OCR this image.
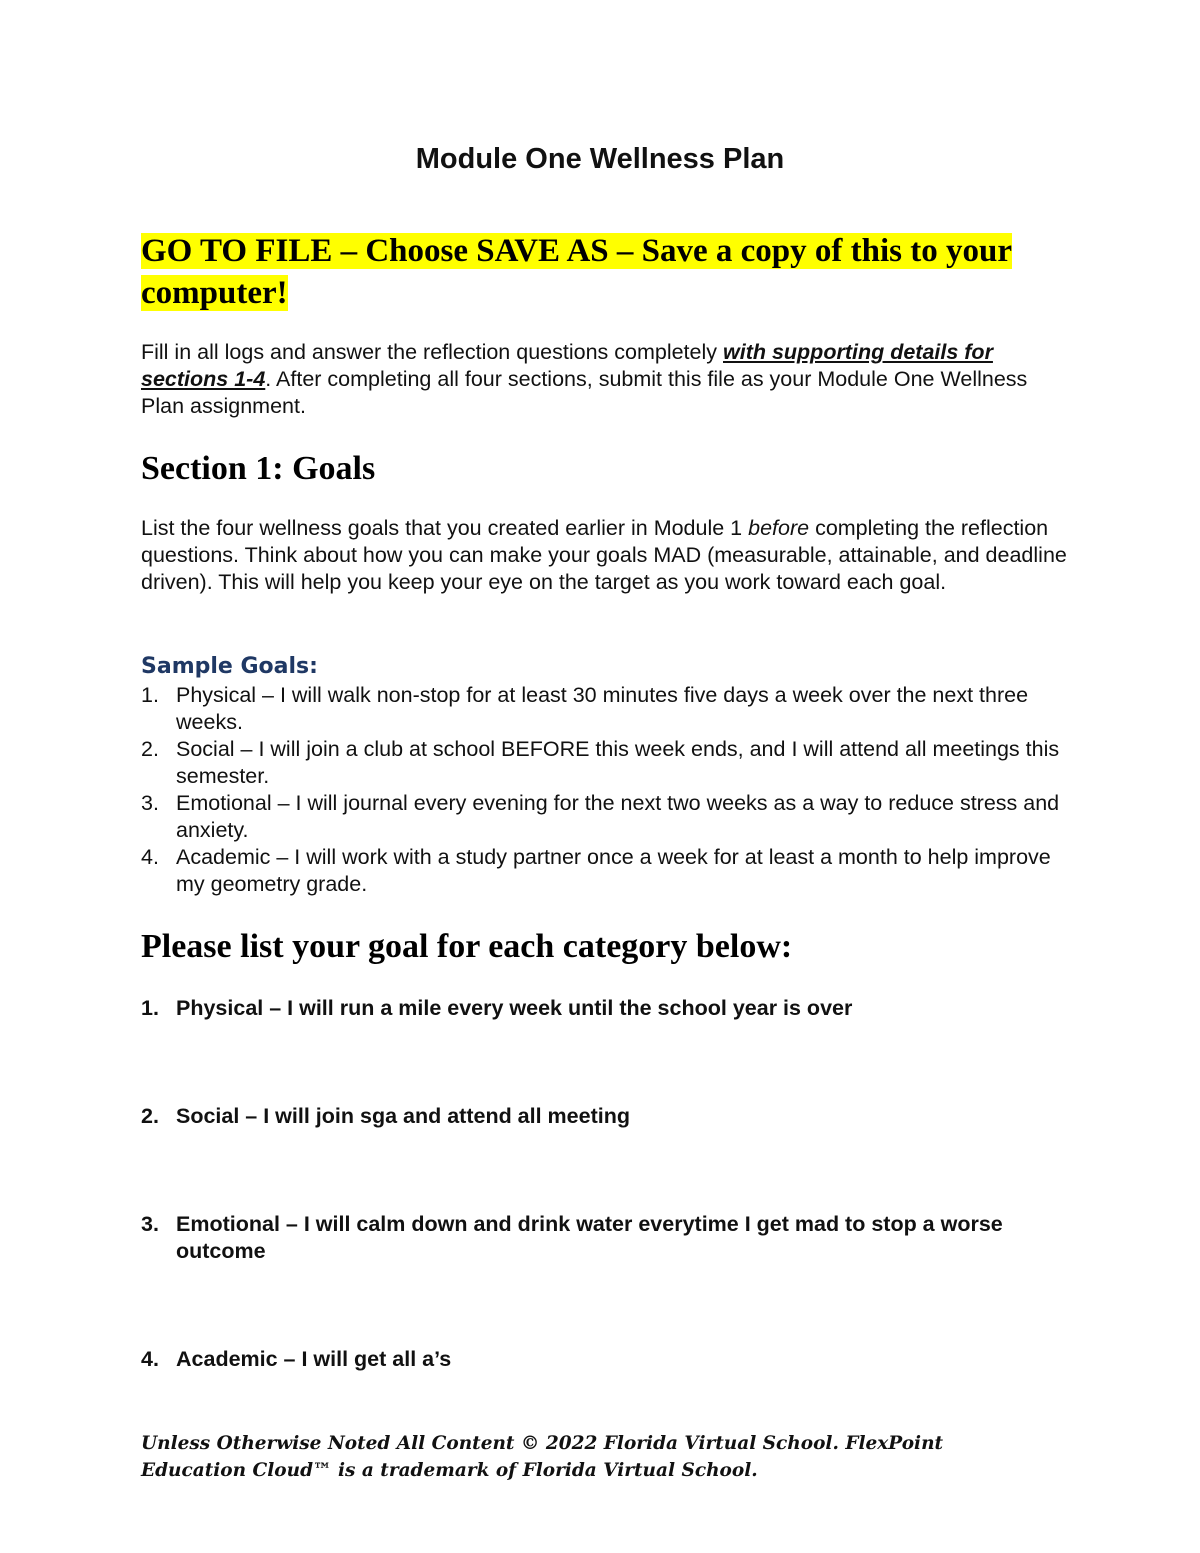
Module One Wellness Plan
GO TO FILE – Choose SAVE AS – Save a copy of this to your computer!
Fill in all logs and answer the reflection questions completely with supporting details for sections 1-4. After completing all four sections, submit this file as your Module One Wellness Plan assignment.
Section 1: Goals
List the four wellness goals that you created earlier in Module 1 before completing the reflection questions. Think about how you can make your goals MAD (measurable, attainable, and deadline driven). This will help you keep your eye on the target as you work toward each goal.
Sample Goals:
1. Physical – I will walk non-stop for at least 30 minutes five days a week over the next three weeks.
2. Social – I will join a club at school BEFORE this week ends, and I will attend all meetings this semester.
3. Emotional – I will journal every evening for the next two weeks as a way to reduce stress and anxiety.
4. Academic – I will work with a study partner once a week for at least a month to help improve my geometry grade.
Please list your goal for each category below:
1. Physical – I will run a mile every week until the school year is over
2. Social – I will join sga and attend all meeting
3. Emotional – I will calm down and drink water everytime I get mad to stop a worse outcome
4. Academic – I will get all a’s
Unless Otherwise Noted All Content © 2022 Florida Virtual School. FlexPoint Education Cloud™ is a trademark of Florida Virtual School.
